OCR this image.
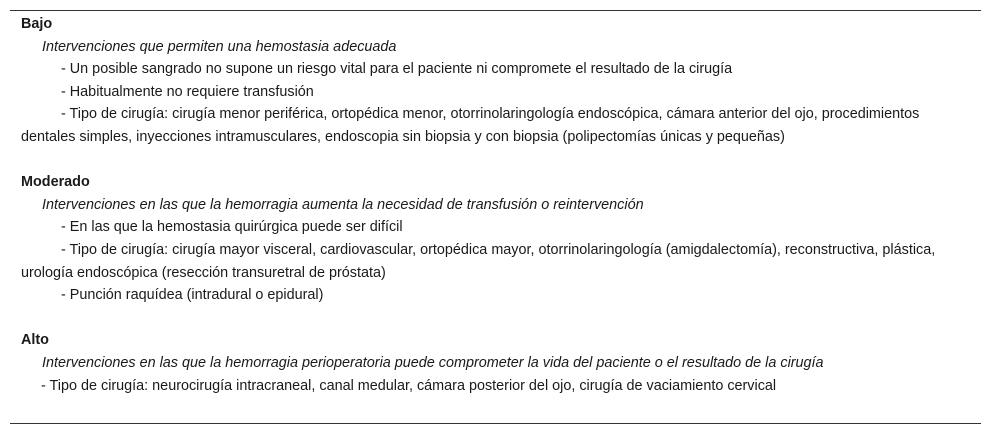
Bajo
Intervenciones que permiten una hemostasia adecuada
- Un posible sangrado no supone un riesgo vital para el paciente ni compromete el resultado de la cirugía
- Habitualmente no requiere transfusión
- Tipo de cirugía: cirugía menor periférica, ortopédica menor, otorrinolaringología endoscópica, cámara anterior del ojo, procedimientos dentales simples, inyecciones intramusculares, endoscopia sin biopsia y con biopsia (polipectomías únicas y pequeñas)
Moderado
Intervenciones en las que la hemorragia aumenta la necesidad de transfusión o reintervención
- En las que la hemostasia quirúrgica puede ser difícil
- Tipo de cirugía: cirugía mayor visceral, cardiovascular, ortopédica mayor, otorrinolaringología (amigdalectomía), reconstructiva, plástica, urología endoscópica (resección transuretral de próstata)
- Punción raquídea (intradural o epidural)
Alto
Intervenciones en las que la hemorragia perioperatoria puede comprometer la vida del paciente o el resultado de la cirugía
- Tipo de cirugía: neurocirugía intracraneal, canal medular, cámara posterior del ojo, cirugía de vaciamiento cervical
